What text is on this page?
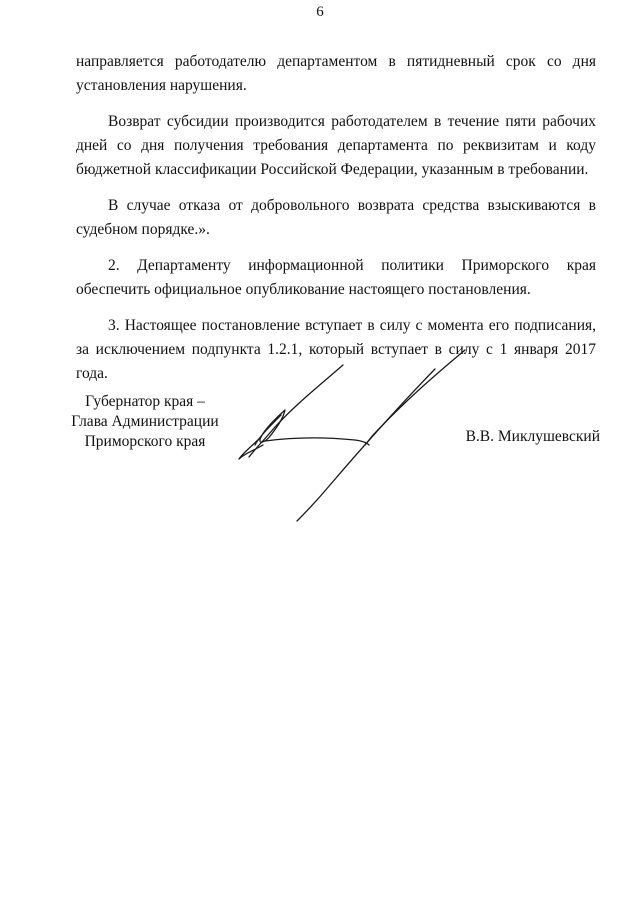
6

направляется работодателю департаментом в пятидневный срок со дня установления нарушения.

Возврат субсидии производится работодателем в течение пяти рабочих дней со дня получения требования департамента по реквизитам и коду бюджетной классификации Российской Федерации, указанным в требовании.

В случае отказа от добровольного возврата средства взыскиваются в судебном порядке.».

2. Департаменту информационной политики Приморского края обеспечить официальное опубликование настоящего постановления.

3. Настоящее постановление вступает в силу с момента его подписания, за исключением подпункта 1.2.1, который вступает в силу с 1 января 2017 года.

Губернатор края –
Глава Администрации
Приморского края	В.В. Миклушевский
